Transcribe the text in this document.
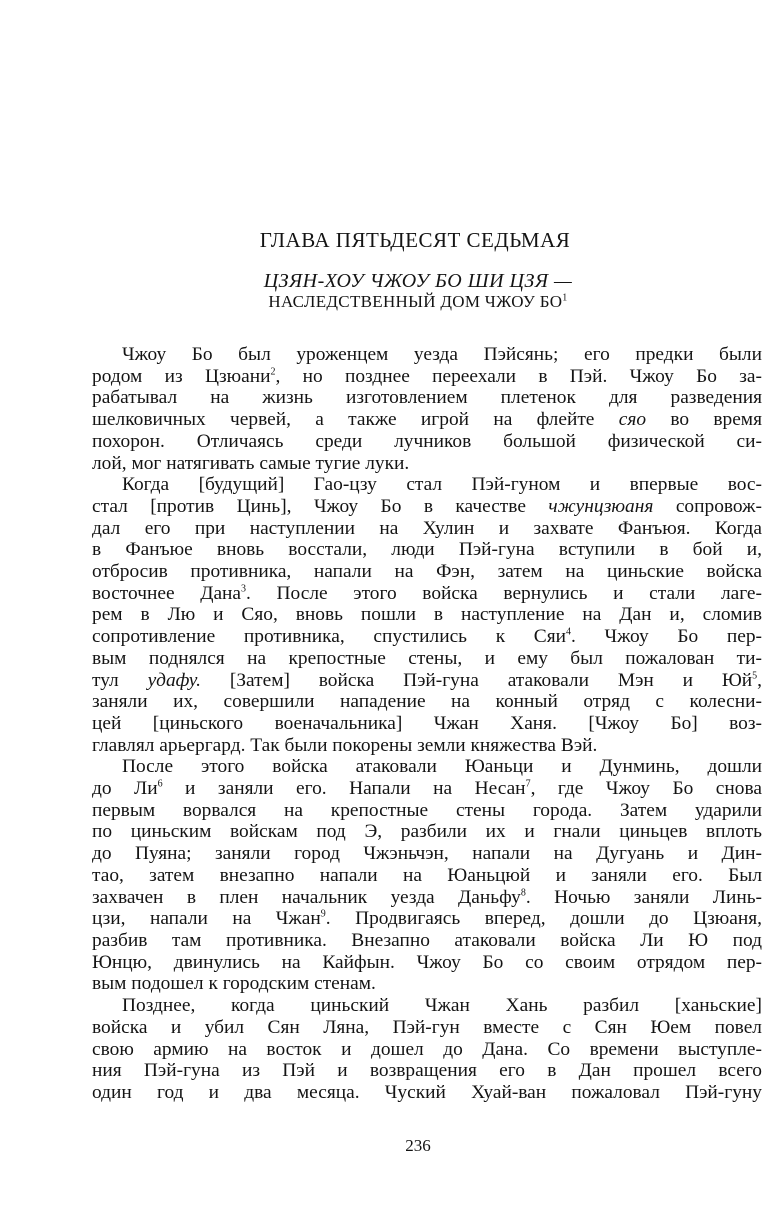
ГЛАВА ПЯТЬДЕСЯТ СЕДЬМАЯ
ЦЗЯН-ХОУ ЧЖОУ БО ШИ ЦЗЯ —
НАСЛЕДСТВЕННЫЙ ДОМ ЧЖОУ $БО^1$
Чжоу Бо был уроженцем уезда Пэйсянь; его предки были
родом из Цзюани$^2$, но позднее переехали в Пэй. Чжоу Бо за-
рабатывал на жизнь изготовлением плетенок для разведения
шелковичных червей, а также игрой на флейте сяо во время
похорон. Отличаясь среди лучников большой физической си-
лой, мог натягивать самые тугие луки.
Когда [будущий] Гао-цзу стал Пэй-гуном и впервые вос-
стал [против Цинь], Чжоу Бо в качестве чжунцзюаня сопровож-
дал его при наступлении на Хулин и захвате Фанъюя. Когда
в Фанъюе вновь восстали, люди Пэй-гуна вступили в бой и,
отбросив противника, напали на Фэн, затем на циньские войска
восточнее Дана$^3$. После этого войска вернулись и стали лаге-
рем в Лю и Сяо, вновь пошли в наступление на Дан и, сломив
сопротивление противника, спустились к Сяи$^4$. Чжоу Бо пер-
вым поднялся на крепостные стены, и ему был пожалован ти-
тул удафу. [Затем] войска Пэй-гуна атаковали Мэн и $Юй^5$,
заняли их, совершили нападение на конный отряд с колесни-
цей [циньского военачальника] Чжан Ханя. [Чжоу Бо] воз-
главлял арьергард. Так были покорены земли княжества Вэй.
После этого войска атаковали Юаньци и Дунминь, дошли
до $Ли^6$ и заняли его. Напали на Несан$^7$, где Чжоу Бо снова
первым ворвался на крепостные стены города. Затем ударили
по циньским войскам под Э, разбили их и гнали циньцев вплоть
до Пуяна; заняли город Чжэньчэн, напали на Дугуань и Дин-
тао, затем внезапно напали на Юаньцюй и заняли его. Был
захвачен в плен начальник уезда Даньфу$^8$. Ночью заняли Линь-
цзи, напали на Чжан$^9$. Продвигаясь вперед, дошли до Цзюаня,
разбив там противника. Внезапно атаковали войска Ли Ю под
Юнцю, двинулись на Кайфын. Чжоу Бо со своим отрядом пер-
вым подошел к городским стенам.
Позднее, когда циньский Чжан Хань разбил [ханьские]
войска и убил Сян Ляна, Пэй-гун вместе с Сян Юем повел
свою армию на восток и дошел до Дана. Со времени выступле-
ния Пэй-гуна из Пэй и возвращения его в Дан прошел всего
один год и два месяца. Чуский Хуай-ван пожаловал Пэй-гуну
236
